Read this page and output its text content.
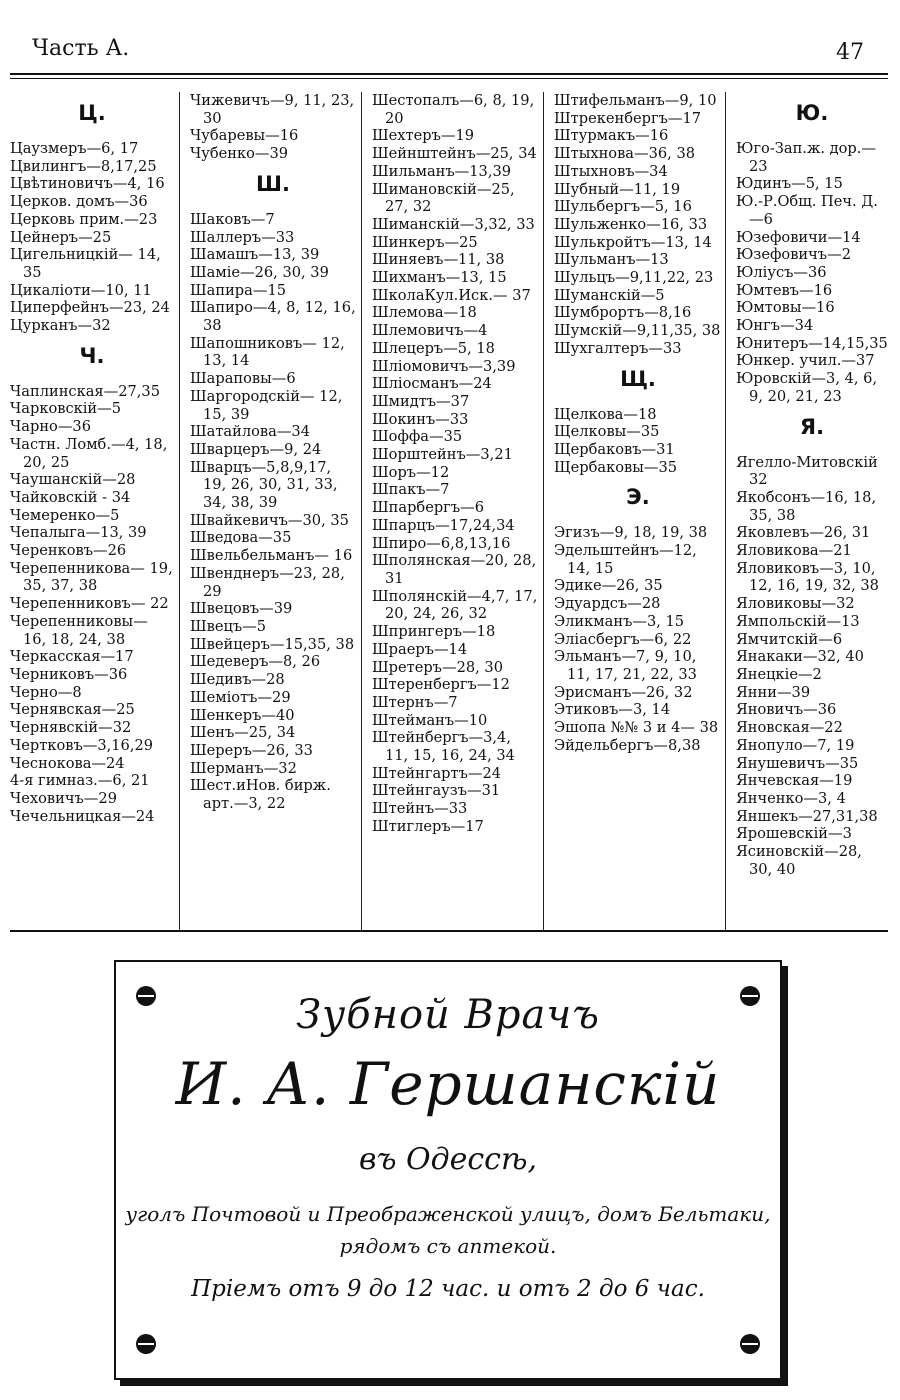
Часть А.	47
Ц.
Цаузмеръ—6, 17
Цвилингъ—8,17,25
Цвѣтиновичъ—4, 16
Церков. домъ—36
Церковь прим.—23
Цейнеръ—25
Цигельницкій— 14, 35
Цикаліоти—10, 11
Циперфейнъ—23, 24
Цурканъ—32
Ч.
Чаплинская—27,35
Чарковскій—5
Чарно—36
Частн. Ломб.—4, 18, 20, 25
Чаушанскій—28
Чайковскій - 34
Чемеренко—5
Чепалыга—13, 39
Черенковъ—26
Черепенникова— 19, 35, 37, 38
Черепенниковъ— 22
Черепенниковы— 16, 18, 24, 38
Черкасская—17
Черниковъ—36
Черно—8
Чернявская—25
Чернявскій—32
Чертковъ—3,16,29
Чеснокова—24
4-я гимназ.—6, 21
Чеховичъ—29
Чечельницкая—24
Чижевичъ—9, 11, 23, 30
Чубаревы—16
Чубенко—39
Ш.
Шаковъ—7
Шаллеръ—33
Шамашъ—13, 39
Шаміе—26, 30, 39
Шапира—15
Шапиро—4, 8, 12, 16, 38
Шапошниковъ— 12, 13, 14
Шараповы—6
Шаргородскій— 12, 15, 39
Шатайлова—34
Шварцеръ—9, 24
Шварцъ—5,8,9,17, 19, 26, 30, 31, 33, 34, 38, 39
Швайкевичъ—30, 35
Шведова—35
Швельбельманъ— 16
Швенднеръ—23, 28, 29
Швецовъ—39
Швецъ—5
Швейцеръ—15,35, 38
Шедеверъ—8, 26
Шедивъ—28
Шеміотъ—29
Шенкеръ—40
Шенъ—25, 34
Шереръ—26, 33
Шерманъ—32
Шест.иНов. бирж. арт.—3, 22
Шестопалъ—6, 8, 19, 20
Шехтеръ—19
Шейнштейнъ—25, 34
Шильманъ—13,39
Шимановскій—25, 27, 32
Шиманскій—3,32, 33
Шинкеръ—25
Шиняевъ—11, 38
Шихманъ—13, 15
ШколаКул.Иск.— 37
Шлемова—18
Шлемовичъ—4
Шлецеръ—5, 18
Шліомовичъ—3,39
Шліосманъ—24
Шмидтъ—37
Шокинъ—33
Шоффа—35
Шорштейнъ—3,21
Шоръ—12
Шпакъ—7
Шпарбергъ—6
Шпарцъ—17,24,34
Шпиро—6,8,13,16
Шполянская—20, 28, 31
Шполянскій—4,7, 17, 20, 24, 26, 32
Шпрингеръ—18
Шраеръ—14
Шретеръ—28, 30
Штеренбергъ—12
Штернъ—7
Штейманъ—10
Штейнбергъ—3,4, 11, 15, 16, 24, 34
Штейнгартъ—24
Штейнгаузъ—31
Штейнъ—33
Штиглеръ—17
Штифельманъ—9, 10
Штрекенбергъ—17
Штурмакъ—16
Штыхнова—36, 38
Штыхновъ—34
Шубный—11, 19
Шульбергъ—5, 16
Шульженко—16, 33
Шулькройтъ—13, 14
Шульманъ—13
Шульцъ—9,11,22, 23
Шуманскій—5
Шумброртъ—8,16
Шумскій—9,11,35, 38
Шухгалтеръ—33
Щ.
Щелкова—18
Щелковы—35
Щербаковъ—31
Щербаковы—35
Э.
Эгизъ—9, 18, 19, 38
Эдельштейнъ—12, 14, 15
Эдике—26, 35
Эдуардсъ—28
Эликманъ—3, 15
Эліасбергъ—6, 22
Эльманъ—7, 9, 10, 11, 17, 21, 22, 33
Эрисманъ—26, 32
Этиковъ—3, 14
Эшопа №№ 3 и 4— 38
Эйдельбергъ—8,38
Ю.
Юго-Зап.ж. дор.— 23
Юдинъ—5, 15
Ю.-Р.Общ. Печ. Д. —6
Юзефовичи—14
Юзефовичъ—2
Юліусъ—36
Юмтевъ—16
Юмтовы—16
Юнгъ—34
Юнитеръ—14,15,35
Юнкер. учил.—37
Юровскій—3, 4, 6, 9, 20, 21, 23
Я.
Ягелло-Митовскій 32
Якобсонъ—16, 18, 35, 38
Яковлевъ—26, 31
Яловикова—21
Яловиковъ—3, 10, 12, 16, 19, 32, 38
Яловиковы—32
Ямпольскій—13
Ямчитскій—6
Янакаки—32, 40
Янецкіе—2
Янни—39
Яновичъ—36
Яновская—22
Янопуло—7, 19
Янушевичъ—35
Янчевская—19
Янченко—3, 4
Яншекъ—27,31,38
Ярошевскій—3
Ясиновскій—28, 30, 40
Зубной Врачъ
И. А. Гершанскій
въ Одессѣ,
уголъ Почтовой и Преображенской улицъ, домъ Бельтаки,
рядомъ съ аптекой.
Пріемъ отъ 9 до 12 час. и отъ 2 до 6 час.
